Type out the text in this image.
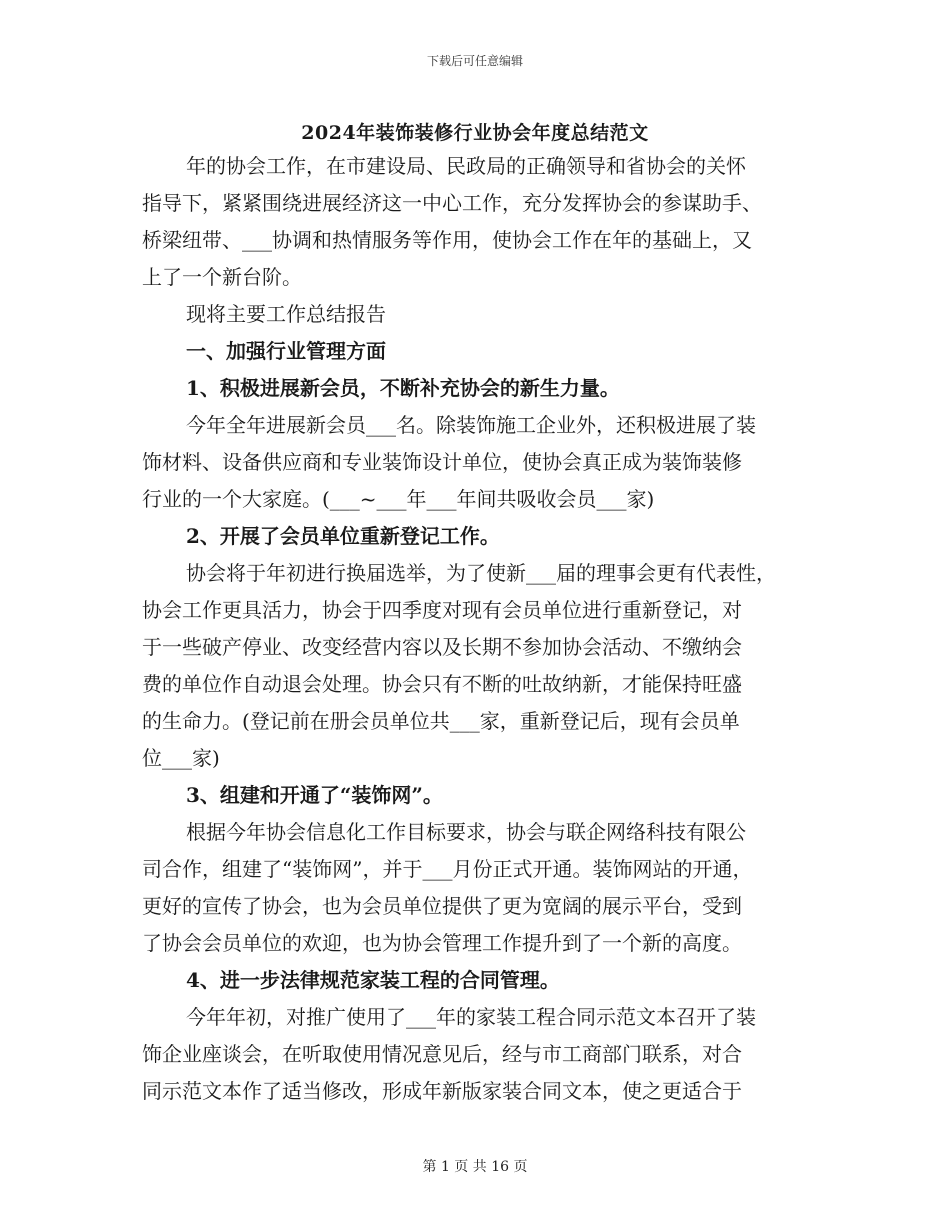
下载后可任意编辑
2024年装饰装修行业协会年度总结范文
年的协会工作，在市建设局、民政局的正确领导和省协会的关怀
指导下，紧紧围绕进展经济这一中心工作，充分发挥协会的参谋助手、
桥梁纽带、___协调和热情服务等作用，使协会工作在年的基础上，又
上了一个新台阶。
现将主要工作总结报告
一、加强行业管理方面
1、积极进展新会员，不断补充协会的新生力量。
今年全年进展新会员___名。除装饰施工企业外，还积极进展了装
饰材料、设备供应商和专业装饰设计单位，使协会真正成为装饰装修
行业的一个大家庭。(___~___年___年间共吸收会员___家)
2、开展了会员单位重新登记工作。
协会将于年初进行换届选举，为了使新___届的理事会更有代表性，
协会工作更具活力，协会于四季度对现有会员单位进行重新登记，对
于一些破产停业、改变经营内容以及长期不参加协会活动、不缴纳会
费的单位作自动退会处理。协会只有不断的吐故纳新，才能保持旺盛
的生命力。(登记前在册会员单位共___家，重新登记后，现有会员单
位___家)
3、组建和开通了“装饰网”。
根据今年协会信息化工作目标要求，协会与联企网络科技有限公
司合作，组建了“装饰网”，并于___月份正式开通。装饰网站的开通，
更好的宣传了协会，也为会员单位提供了更为宽阔的展示平台，受到
了协会会员单位的欢迎，也为协会管理工作提升到了一个新的高度。
4、进一步法律规范家装工程的合同管理。
今年年初，对推广使用了___年的家装工程合同示范文本召开了装
饰企业座谈会，在听取使用情况意见后，经与市工商部门联系，对合
同示范文本作了适当修改，形成年新版家装合同文本，使之更适合于
第 1 页 共 16 页
